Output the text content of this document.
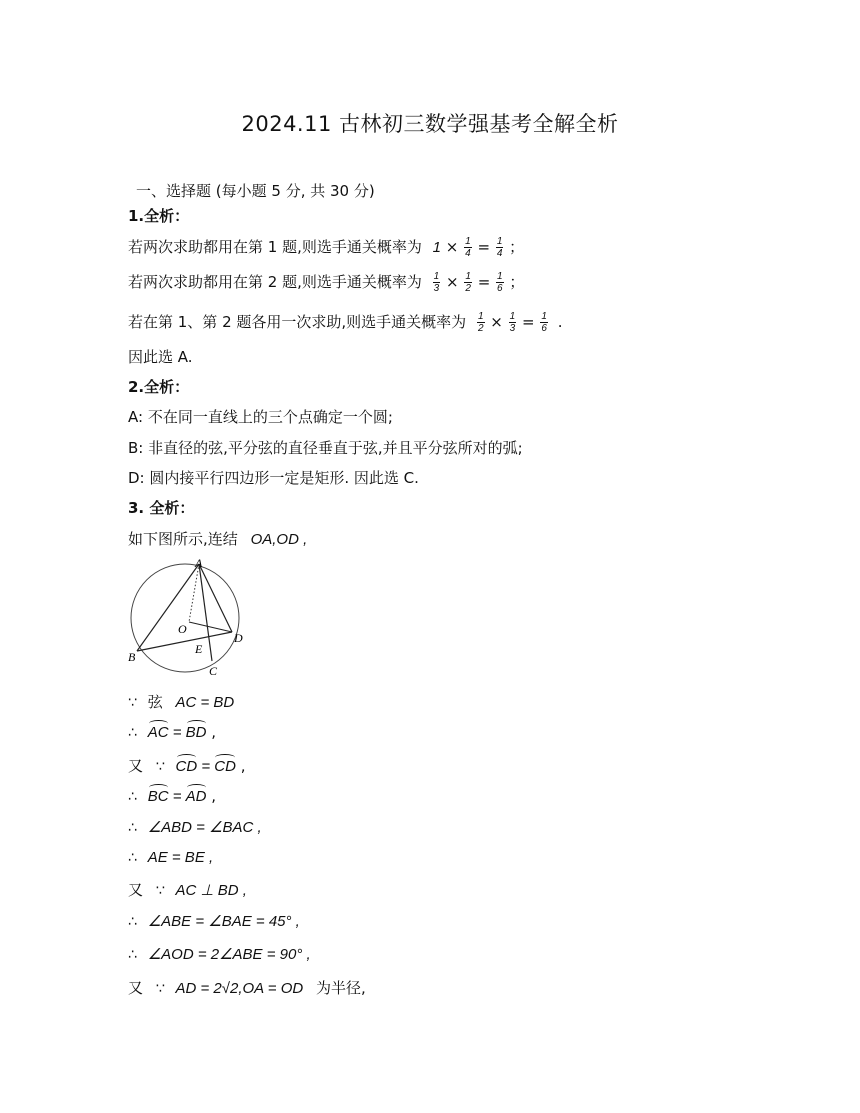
2024.11 古林初三数学强基考全解全析
一、选择题 (每小题 5 分, 共 30 分)
1.全析：
若两次求助都用在第 1 题,则选手通关概率为 $1 \times \frac{1}{4} = \frac{1}{4}$ ；
若两次求助都用在第 2 题,则选手通关概率为 $\frac{1}{3} \times \frac{1}{2} = \frac{1}{6}$ ；
若在第 1、第 2 题各用一次求助,则选手通关概率为 $\frac{1}{2} \times \frac{1}{3} = \frac{1}{6}$ .
因此选 A.
2.全析：
A: 不在同一直线上的三个点确定一个圆;
B: 非直径的弦,平分弦的直径垂直于弦,并且平分弦所对的弧;
D: 圆内接平行四边形一定是矩形. 因此选 C.
3. 全析：
如下图所示,连结 OA,OD ,
A
O
D
B
E
C
∵ 弦 AC = BD
∴ AC = BD ,
又 ∵ CD = CD ,
∴ BC = AD ,
∴ ∠ABD = ∠BAC ,
∴ AE = BE ,
又 ∵ AC ⊥ BD ,
∴ ∠ABE = ∠BAE = 45° ,
∴ ∠AOD = 2∠ABE = 90° ,
又 ∵ AD = 2√2,OA = OD 为半径,
